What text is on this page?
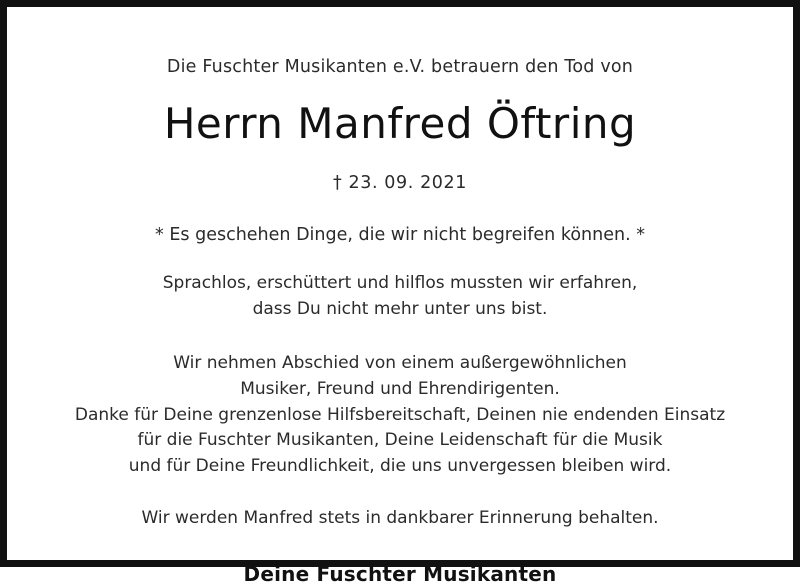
Die Fuschter Musikanten e.V. betrauern den Tod von
Herrn Manfred Öftring
† 23. 09. 2021
* Es geschehen Dinge, die wir nicht begreifen können. *
Sprachlos, erschüttert und hilflos mussten wir erfahren,
dass Du nicht mehr unter uns bist.
Wir nehmen Abschied von einem außergewöhnlichen
Musiker, Freund und Ehrendirigenten.
Danke für Deine grenzenlose Hilfsbereitschaft, Deinen nie endenden Einsatz
für die Fuschter Musikanten, Deine Leidenschaft für die Musik
und für Deine Freundlichkeit, die uns unvergessen bleiben wird.
Wir werden Manfred stets in dankbarer Erinnerung behalten.
Deine Fuschter Musikanten
